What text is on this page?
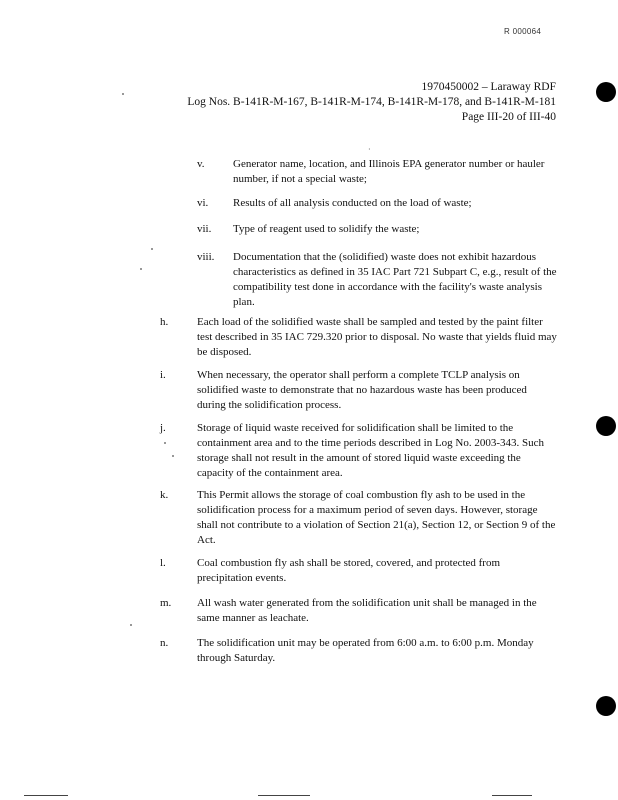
R 000064
1970450002 – Laraway RDF
Log Nos. B-141R-M-167, B-141R-M-174, B-141R-M-178, and B-141R-M-181
Page III-20 of III-40
·
v.	Generator name, location, and Illinois EPA generator number or hauler number, if not a special waste;
vi. Results of all analysis conducted on the load of waste;
vii. Type of reagent used to solidify the waste;
viii. Documentation that the (solidified) waste does not exhibit hazardous characteristics as defined in 35 IAC Part 721 Subpart C, e.g., result of the compatibility test done in accordance with the facility's waste analysis plan.
h.	Each load of the solidified waste shall be sampled and tested by the paint filter test described in 35 IAC 729.320 prior to disposal. No waste that yields fluid may be disposed.
i.	When necessary, the operator shall perform a complete TCLP analysis on solidified waste to demonstrate that no hazardous waste has been produced during the solidification process.
j.	Storage of liquid waste received for solidification shall be limited to the containment area and to the time periods described in Log No. 2003-343. Such storage shall not result in the amount of stored liquid waste exceeding the capacity of the containment area.
k.	This Permit allows the storage of coal combustion fly ash to be used in the solidification process for a maximum period of seven days. However, storage shall not contribute to a violation of Section 21(a), Section 12, or Section 9 of the Act.
l.	Coal combustion fly ash shall be stored, covered, and protected from precipitation events.
m. All wash water generated from the solidification unit shall be managed in the same manner as leachate.
n.	The solidification unit may be operated from 6:00 a.m. to 6:00 p.m. Monday through Saturday.
